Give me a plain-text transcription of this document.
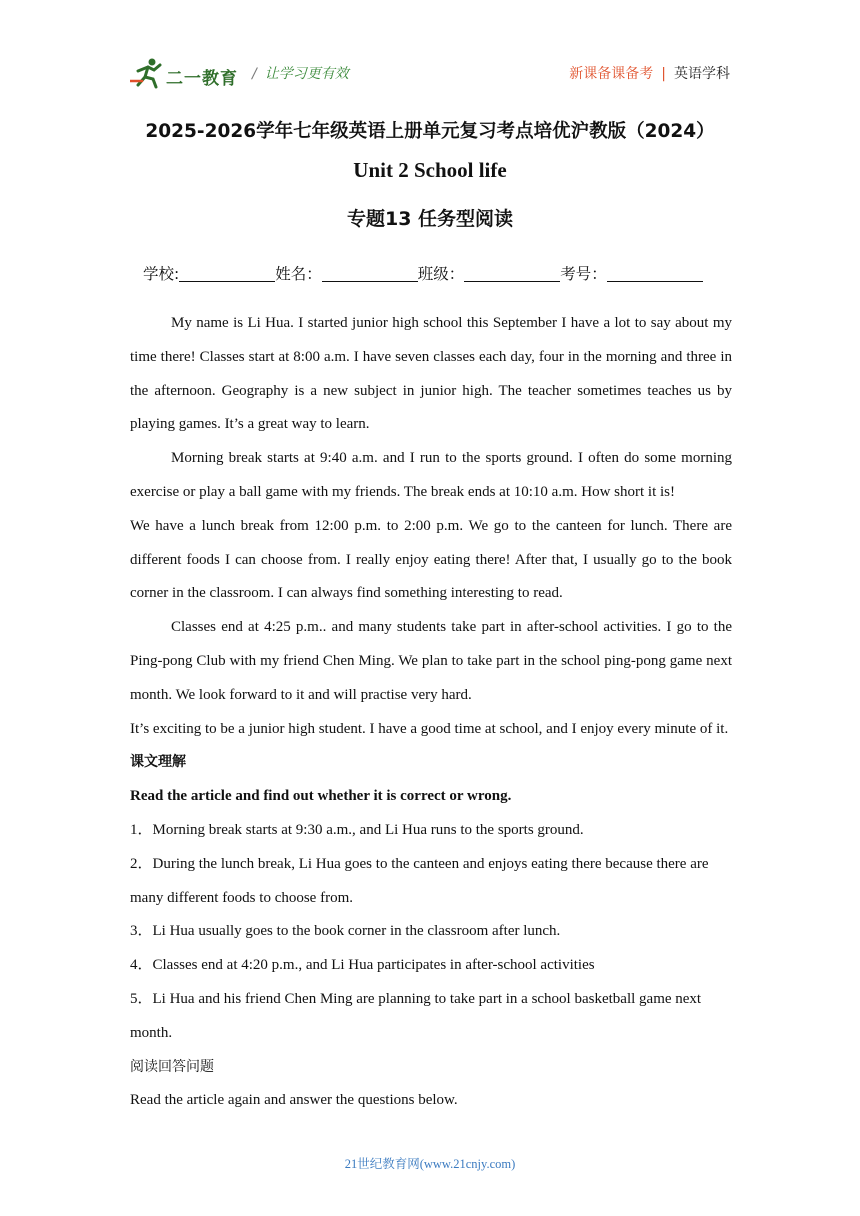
二一教育 / 让学习更有效	新课备课备考 | 英语学科
2025-2026学年七年级英语上册单元复习考点培优沪教版（2024）
Unit 2 School life
专题13 任务型阅读
学校:	姓名：	班级：	考号：

My name is Li Hua. I started junior high school this September I have a lot to say about my time there! Classes start at 8:00 a.m. I have seven classes each day, four in the morning and three in the afternoon. Geography is a new subject in junior high. The teacher sometimes teaches us by playing games. It’s a great way to learn.

Morning break starts at 9:40 a.m. and I run to the sports ground. I often do some morning exercise or play a ball game with my friends. The break ends at 10:10 a.m. How short it is!

We have a lunch break from 12:00 p.m. to 2:00 p.m. We go to the canteen for lunch. There are different foods I can choose from. I really enjoy eating there! After that, I usually go to the book corner in the classroom. I can always find something interesting to read.

Classes end at 4:25 p.m.. and many students take part in after-school activities. I go to the Ping-pong Club with my friend Chen Ming. We plan to take part in the school ping-pong game next month. We look forward to it and will practise very hard.

It’s exciting to be a junior high student. I have a good time at school, and I enjoy every minute of it.课文理解

Read the article and find out whether it is correct or wrong.

1．Morning break starts at 9:30 a.m., and Li Hua runs to the sports ground.

2．During the lunch break, Li Hua goes to the canteen and enjoys eating there because there are many different foods to choose from.

3．Li Hua usually goes to the book corner in the classroom after lunch.

4．Classes end at 4:20 p.m., and Li Hua participates in after-school activities

5．Li Hua and his friend Chen Ming are planning to take part in a school basketball game next month.

阅读回答问题

Read the article again and answer the questions below.

21世纪教育网(www.21cnjy.com)
